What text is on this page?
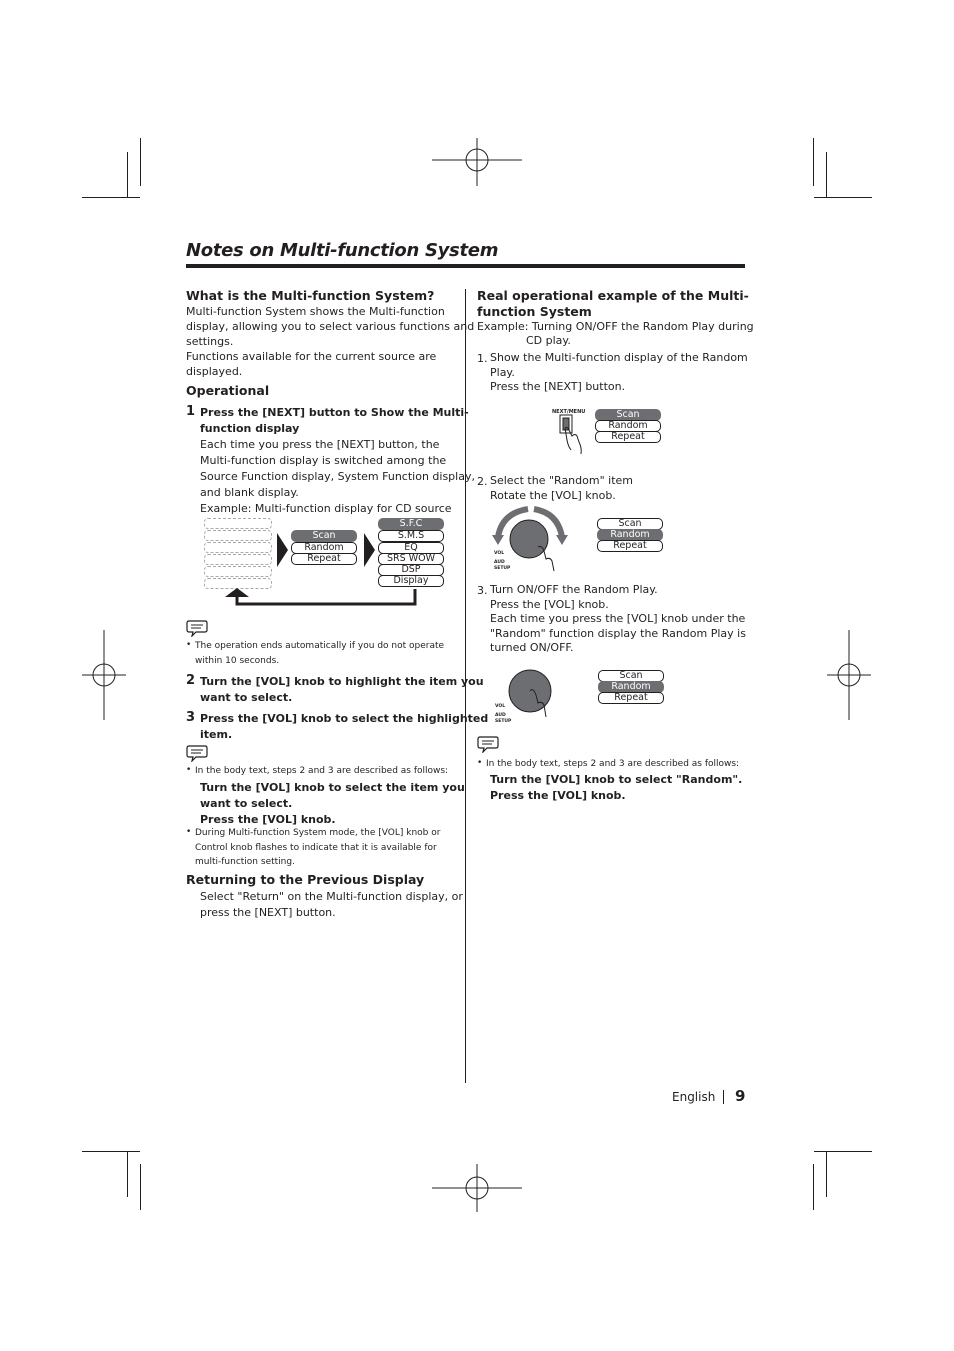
Notes on Multi-function System
What is the Multi-function System?
Multi-function System shows the Multi-function
display, allowing you to select various functions and
settings.
Functions available for the current source are
displayed.
Operational
1 Press the [NEXT] button to Show the Multi-
function display
Each time you press the [NEXT] button, the
Multi-function display is switched among the
Source Function display, System Function display,
and blank display.
Example: Multi-function display for CD source
Scan
Random
Repeat
S.F.C
S.M.S
EQ
SRS WOW
DSP
Display
• The operation ends automatically if you do not operate
within 10 seconds.
2 Turn the [VOL] knob to highlight the item you
want to select.
3 Press the [VOL] knob to select the highlighted
item.
• In the body text, steps 2 and 3 are described as follows:
Turn the [VOL] knob to select the item you
want to select.
Press the [VOL] knob.
• During Multi-function System mode, the [VOL] knob or
Control knob flashes to indicate that it is available for
multi-function setting.
Returning to the Previous Display
Select "Return" on the Multi-function display, or
press the [NEXT] button.
Real operational example of the Multi-
function System
Example: Turning ON/OFF the Random Play during
CD play.
1. Show the Multi-function display of the Random
Play.
Press the [NEXT] button.
NEXT/MENU	Scan
Random
Repeat
2. Select the "Random" item
Rotate the [VOL] knob.
VOL
AUD
SETUP
Scan
Random
Repeat
3. Turn ON/OFF the Random Play.
Press the [VOL] knob.
Each time you press the [VOL] knob under the
"Random" function display the Random Play is
turned ON/OFF.
VOL
AUD
SETUP
Scan
Random
Repeat
• In the body text, steps 2 and 3 are described as follows:
Turn the [VOL] knob to select "Random".
Press the [VOL] knob.
English 9
